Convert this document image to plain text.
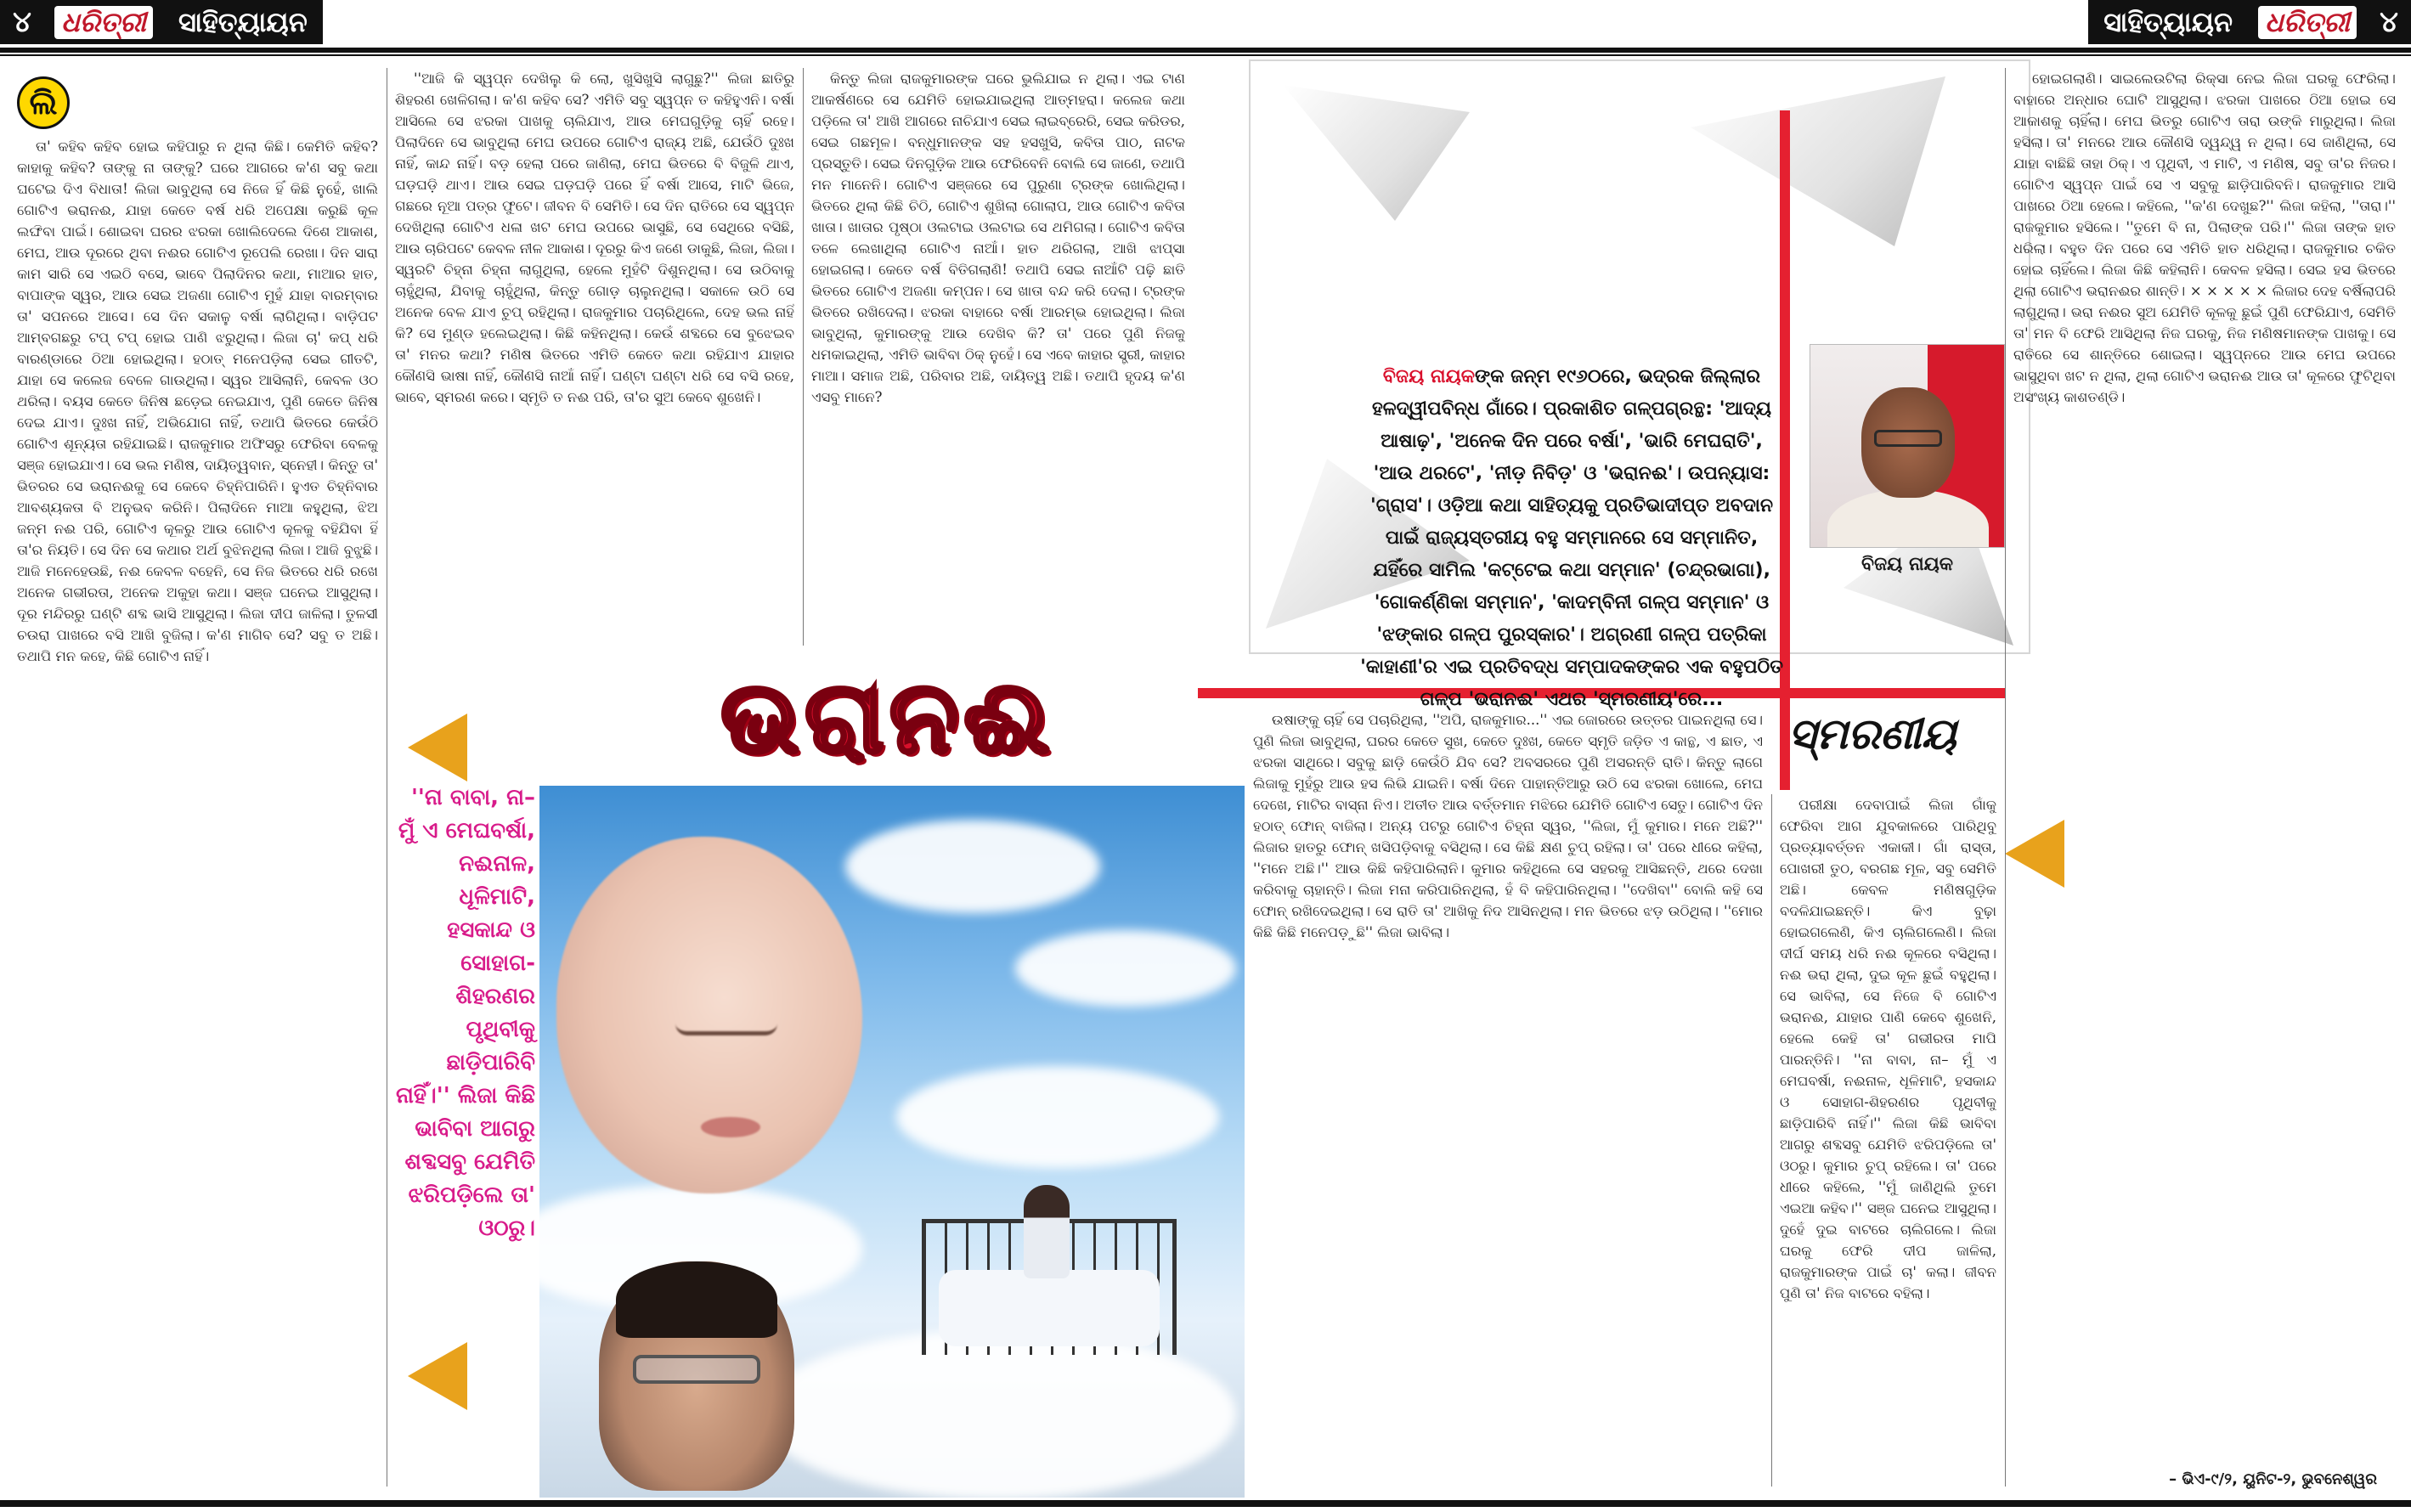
୪	ଧରିତ୍ରୀ	ସାହିତ୍ୟାୟନ	ସାହିତ୍ୟାୟନ	ଧରିତ୍ରୀ	୪
ଲି

ତା' କହିବ କହିବ ହୋଇ କହିପାରୁ ନ ଥିଲା କିଛି। କେମିତି କହିବ? କାହାକୁ କହିବ? ତାଙ୍କୁ ନା ତାଙ୍କୁ? ଘରେ ଆଗରେ କ'ଣ ସବୁ କଥା ଘଟେଇ ଦିଏ ବିଧାତା! ଲିଜା ଭାବୁଥିଲା ସେ ନିଜେ ହିଁ କିଛି ନୁହେଁ, ଖାଲି ଗୋଟିଏ ଭରାନଈ, ଯାହା କେତେ ବର୍ଷ ଧରି ଅପେକ୍ଷା କରୁଛି କୂଳ ଲଙ୍ଘିବା ପାଇଁ। ଶୋଇବା ଘରର ଝରକା ଖୋଲିଦେଲେ ଦିଶେ ଆକାଶ, ମେଘ, ଆଉ ଦୂରରେ ଥିବା ନଈର ଗୋଟିଏ ରୂପେଲି ରେଖା। ଦିନ ସାରା କାମ ସାରି ସେ ଏଇଠି ବସେ, ଭାବେ ପିଲାଦିନର କଥା, ମାଆର ହାତ, ବାପାଙ୍କ ସ୍ୱର, ଆଉ ସେଇ ଅଜଣା ଗୋଟିଏ ମୁହଁ ଯାହା ବାରମ୍ବାର ତା' ସପନରେ ଆସେ। ସେ ଦିନ ସକାଳୁ ବର୍ଷା ଲାଗିଥିଲା। ବାଡ଼ିପଟ ଆମ୍ବଗଛରୁ ଟପ୍ ଟପ୍ ହୋଇ ପାଣି ଝରୁଥିଲା। ଲିଜା ଚା' କପ୍ ଧରି ବାରଣ୍ଡାରେ ଠିଆ ହୋଇଥିଲା। ହଠାତ୍ ମନେପଡ଼ିଲା ସେଇ ଗୀତଟି, ଯାହା ସେ କଲେଜ ବେଳେ ଗାଉଥିଲା। ସ୍ୱର ଆସିଲାନି, କେବଳ ଓଠ ଥରିଲା। ବୟସ କେତେ ଜିନିଷ ଛଡ଼େଇ ନେଇଯାଏ, ପୁଣି କେତେ ଜିନିଷ ଦେଇ ଯାଏ। ଦୁଃଖ ନାହିଁ, ଅଭିଯୋଗ ନାହିଁ, ତଥାପି ଭିତରେ କେଉଁଠି ଗୋଟିଏ ଶୂନ୍ୟତା ରହିଯାଇଛି। ରାଜକୁମାର ଅଫିସରୁ ଫେରିବା ବେଳକୁ ସଞ୍ଜ ହୋଇଯାଏ। ସେ ଭଲ ମଣିଷ, ଦାୟିତ୍ୱବାନ, ସ୍ନେହୀ। କିନ୍ତୁ ତା' ଭିତରର ସେ ଭରାନଈକୁ ସେ କେବେ ଚିହ୍ନିପାରିନି। ହୁଏତ ଚିହ୍ନିବାର ଆବଶ୍ୟକତା ବି ଅନୁଭବ କରିନି। ପିଲାଦିନେ ମାଆ କହୁଥିଲା, ଝିଅ ଜନ୍ମ ନଈ ପରି, ଗୋଟିଏ କୂଳରୁ ଆଉ ଗୋଟିଏ କୂଳକୁ ବହିଯିବା ହିଁ ତା'ର ନିୟତି। ସେ ଦିନ ସେ କଥାର ଅର୍ଥ ବୁଝିନଥିଲା ଲିଜା। ଆଜି ବୁଝୁଛି। ଆଜି ମନେହେଉଛି, ନଈ କେବଳ ବହେନି, ସେ ନିଜ ଭିତରେ ଧରି ରଖେ ଅନେକ ଗଭୀରତା, ଅନେକ ଅକୁହା କଥା। ସଞ୍ଜ ଘନେଇ ଆସୁଥିଲା। ଦୂର ମନ୍ଦିରରୁ ଘଣ୍ଟି ଶବ୍ଦ ଭାସି ଆସୁଥିଲା। ଲିଜା ଦୀପ ଜାଳିଲା। ତୁଳସୀ ଚଉରା ପାଖରେ ବସି ଆଖି ବୁଜିଲା। କ'ଣ ମାଗିବ ସେ? ସବୁ ତ ଅଛି। ତଥାପି ମନ କହେ, କିଛି ଗୋଟିଏ ନାହିଁ।

''ଆଜି କି ସ୍ୱପ୍ନ ଦେଖିଲୁ କି ଲୋ, ଖୁସିଖୁସି ଲାଗୁଛୁ?'' ଲିଜା ଛାତିରୁ ଶିହରଣ ଖେଳିଗଲା। କ'ଣ କହିବ ସେ? ଏମିତି ସବୁ ସ୍ୱପ୍ନ ତ କହିହୁଏନି। ବର୍ଷା ଆସିଲେ ସେ ଝରକା ପାଖକୁ ଚାଲିଯାଏ, ଆଉ ମେଘଗୁଡ଼ିକୁ ଚାହିଁ ରହେ। ପିଲାଦିନେ ସେ ଭାବୁଥିଲା ମେଘ ଉପରେ ଗୋଟିଏ ରାଜ୍ୟ ଅଛି, ଯେଉଁଠି ଦୁଃଖ ନାହିଁ, କାନ୍ଦ ନାହିଁ। ବଡ଼ ହେଲା ପରେ ଜାଣିଲା, ମେଘ ଭିତରେ ବି ବିଜୁଳି ଥାଏ, ଘଡ଼ଘଡ଼ି ଥାଏ। ଆଉ ସେଇ ଘଡ଼ଘଡ଼ି ପରେ ହିଁ ବର୍ଷା ଆସେ, ମାଟି ଭିଜେ, ଗଛରେ ନୂଆ ପତ୍ର ଫୁଟେ। ଜୀବନ ବି ସେମିତି। ସେ ଦିନ ରାତିରେ ସେ ସ୍ୱପ୍ନ ଦେଖିଥିଲା ଗୋଟିଏ ଧଳା ଖଟ ମେଘ ଉପରେ ଭାସୁଛି, ସେ ସେଥିରେ ବସିଛି, ଆଉ ଚାରିପଟେ କେବଳ ନୀଳ ଆକାଶ। ଦୂରରୁ କିଏ ଜଣେ ଡାକୁଛି, ଲିଜା, ଲିଜା। ସ୍ୱରଟି ଚିହ୍ନା ଚିହ୍ନା ଲାଗୁଥିଲା, ହେଲେ ମୁହଁଟି ଦିଶୁନଥିଲା। ସେ ଉଠିବାକୁ ଚାହୁଁଥିଲା, ଯିବାକୁ ଚାହୁଁଥିଲା, କିନ୍ତୁ ଗୋଡ଼ ଚାଲୁନଥିଲା। ସକାଳେ ଉଠି ସେ ଅନେକ ବେଳ ଯାଏ ଚୁପ୍ ରହିଥିଲା। ରାଜକୁମାର ପଚାରିଥିଲେ, ଦେହ ଭଲ ନାହିଁ କି? ସେ ମୁଣ୍ଡ ହଲେଇଥିଲା। କିଛି କହିନଥିଲା। କେଉଁ ଶବ୍ଦରେ ସେ ବୁଝେଇବ ତା' ମନର କଥା? ମଣିଷ ଭିତରେ ଏମିତି କେତେ କଥା ରହିଯାଏ ଯାହାର କୌଣସି ଭାଷା ନାହିଁ, କୌଣସି ନାଆଁ ନାହିଁ। ଘଣ୍ଟା ଘଣ୍ଟା ଧରି ସେ ବସି ରହେ, ଭାବେ, ସ୍ମରଣ କରେ। ସ୍ମୃତି ତ ନଈ ପରି, ତା'ର ସୁଅ କେବେ ଶୁଖେନି।

କିନ୍ତୁ ଲିଜା ରାଜକୁମାରଙ୍କ ଘରେ ଭୁଲିଯାଇ ନ ଥିଲା। ଏଇ ଟାଣ ଆକର୍ଷଣରେ ସେ ଯେମିତି ହୋଇଯାଇଥିଲା ଆତ୍ମହରା। କଲେଜ କଥା ପଡ଼ିଲେ ତା' ଆଖି ଆଗରେ ନାଚିଯାଏ ସେଇ ଲାଇବ୍ରେରି, ସେଇ କରିଡର, ସେଇ ଗଛମୂଳ। ବନ୍ଧୁମାନଙ୍କ ସହ ହସଖୁସି, କବିତା ପାଠ, ନାଟକ ପ୍ରସ୍ତୁତି। ସେଇ ଦିନଗୁଡ଼ିକ ଆଉ ଫେରିବେନି ବୋଲି ସେ ଜାଣେ, ତଥାପି ମନ ମାନେନି। ଗୋଟିଏ ସଞ୍ଜରେ ସେ ପୁରୁଣା ଟ୍ରଙ୍କ ଖୋଲିଥିଲା। ଭିତରେ ଥିଲା କିଛି ଚିଠି, ଗୋଟିଏ ଶୁଖିଲା ଗୋଲାପ, ଆଉ ଗୋଟିଏ କବିତା ଖାତା। ଖାତାର ପୃଷ୍ଠା ଓଲଟାଇ ଓଲଟାଇ ସେ ଥମିଗଲା। ଗୋଟିଏ କବିତା ତଳେ ଲେଖାଥିଲା ଗୋଟିଏ ନାଆଁ। ହାତ ଥରିଗଲା, ଆଖି ଝାପ୍ସା ହୋଇଗଲା। କେତେ ବର୍ଷ ବିତିଗଲାଣି! ତଥାପି ସେଇ ନାଆଁଟି ପଢ଼ି ଛାତି ଭିତରେ ଗୋଟିଏ ଅଜଣା କମ୍ପନ। ସେ ଖାତା ବନ୍ଦ କରି ଦେଲା। ଟ୍ରଙ୍କ ଭିତରେ ରଖିଦେଲା। ଝରକା ବାହାରେ ବର୍ଷା ଆରମ୍ଭ ହୋଇଥିଲା। ଲିଜା ଭାବୁଥିଲା, କୁମାରଙ୍କୁ ଆଉ ଦେଖିବ କି? ତା' ପରେ ପୁଣି ନିଜକୁ ଧମକାଇଥିଲା, ଏମିତି ଭାବିବା ଠିକ୍ ନୁହେଁ। ସେ ଏବେ କାହାର ସ୍ତ୍ରୀ, କାହାର ମାଆ। ସମାଜ ଅଛି, ପରିବାର ଅଛି, ଦାୟିତ୍ୱ ଅଛି। ତଥାପି ହୃଦୟ କ'ଣ ଏସବୁ ମାନେ?

ଭରାନଈ
''ନା ବାବା, ନା– ମୁଁ ଏ ମେଘବର୍ଷା, ନଈନାଳ, ଧୂଳିମାଟି, ହସକାନ୍ଦ ଓ ସୋହାଗ-ଶିହରଣର ପୃଥିବୀକୁ ଛାଡ଼ିପାରିବି ନାହିଁ।'' ଲିଜା କିଛି ଭାବିବା ଆଗରୁ ଶବ୍ଦସବୁ ଯେମିତି ଝରିପଡ଼ିଲେ ତା' ଓଠରୁ।

ଉଷାଙ୍କୁ ଚାହିଁ ସେ ପଚାରିଥିଲା, ''ଅପି, ରାଜକୁମାର...'' ଏଇ ଜୋରରେ ଉତ୍ତର ପାଇନଥିଲା ସେ। ପୁଣି ଲିଜା ଭାବୁଥିଲା, ଘରର କେତେ ସୁଖ, କେତେ ଦୁଃଖ, କେତେ ସ୍ମୃତି ଜଡ଼ିତ ଏ କାନ୍ଥ, ଏ ଛାତ, ଏ ଝରକା ସାଥିରେ। ସବୁକୁ ଛାଡ଼ି କେଉଁଠି ଯିବ ସେ? ଅବସରରେ ପୁଣି ଅସରନ୍ତି ରାତି। କିନ୍ତୁ ଲାଗେ ଲିଜାକୁ ମୁହଁରୁ ଆଉ ହସ ଲିଭି ଯାଇନି। ବର୍ଷା ଦିନେ ପାହାନ୍ତିଆରୁ ଉଠି ସେ ଝରକା ଖୋଲେ, ମେଘ ଦେଖେ, ମାଟିର ବାସ୍ନା ନିଏ। ଅତୀତ ଆଉ ବର୍ତ୍ତମାନ ମଝିରେ ଯେମିତି ଗୋଟିଏ ସେତୁ। ଗୋଟିଏ ଦିନ ହଠାତ୍ ଫୋନ୍ ବାଜିଲା। ଅନ୍ୟ ପଟରୁ ଗୋଟିଏ ଚିହ୍ନା ସ୍ୱର, ''ଲିଜା, ମୁଁ କୁମାର। ମନେ ଅଛି?'' ଲିଜାର ହାତରୁ ଫୋନ୍ ଖସିପଡ଼ିବାକୁ ବସିଥିଲା। ସେ କିଛି କ୍ଷଣ ଚୁପ୍ ରହିଲା। ତା' ପରେ ଧୀରେ କହିଲା, ''ମନେ ଅଛି।'' ଆଉ କିଛି କହିପାରିଲାନି। କୁମାର କହିଥିଲେ ସେ ସହରକୁ ଆସିଛନ୍ତି, ଥରେ ଦେଖା କରିବାକୁ ଚାହାନ୍ତି। ଲିଜା ମନା କରିପାରିନଥିଲା, ହଁ ବି କହିପାରିନଥିଲା। ''ଦେଖିବା'' ବୋଲି କହି ସେ ଫୋନ୍ ରଖିଦେଇଥିଲା। ସେ ରାତି ତା' ଆଖିକୁ ନିଦ ଆସିନଥିଲା। ମନ ଭିତରେ ଝଡ଼ ଉଠିଥିଲା। ''ମୋର କିଛି କିଛି ମନେପଡ଼ୁଛି'' ଲିଜା ଭାବିଲା।

ପରୀକ୍ଷା ଦେବାପାଇଁ ଲିଜା ଗାଁକୁ ଫେରିବା ଆଗ ଯୁବକାଳରେ ପାରିଥିବୁ ପ୍ରତ୍ୟାବର୍ତ୍ତନ ଏକାକୀ। ଗାଁ ରାସ୍ତା, ପୋଖରୀ ତୁଠ, ବରଗଛ ମୂଳ, ସବୁ ସେମିତି ଅଛି। କେବଳ ମଣିଷଗୁଡ଼ିକ ବଦଳିଯାଇଛନ୍ତି। କିଏ ବୁଢ଼ା ହୋଇଗଲେଣି, କିଏ ଚାଲିଗଲେଣି। ଲିଜା ଦୀର୍ଘ ସମୟ ଧରି ନଈ କୂଳରେ ବସିଥିଲା। ନଈ ଭରା ଥିଲା, ଦୁଇ କୂଳ ଛୁଇଁ ବହୁଥିଲା। ସେ ଭାବିଲା, ସେ ନିଜେ ବି ଗୋଟିଏ ଭରାନଈ, ଯାହାର ପାଣି କେବେ ଶୁଖେନି, ହେଲେ କେହି ତା' ଗଭୀରତା ମାପି ପାରନ୍ତିନି। ''ନା ବାବା, ନା– ମୁଁ ଏ ମେଘବର୍ଷା, ନଈନାଳ, ଧୂଳିମାଟି, ହସକାନ୍ଦ ଓ ସୋହାଗ-ଶିହରଣର ପୃଥିବୀକୁ ଛାଡ଼ିପାରିବି ନାହିଁ।'' ଲିଜା କିଛି ଭାବିବା ଆଗରୁ ଶବ୍ଦସବୁ ଯେମିତି ଝରିପଡ଼ିଲେ ତା' ଓଠରୁ। କୁମାର ଚୁପ୍ ରହିଲେ। ତା' ପରେ ଧୀରେ କହିଲେ, ''ମୁଁ ଜାଣିଥିଲି ତୁମେ ଏଇଆ କହିବ।'' ସଞ୍ଜ ଘନେଇ ଆସୁଥିଲା। ଦୁହେଁ ଦୁଇ ବାଟରେ ଚାଲିଗଲେ। ଲିଜା ଘରକୁ ଫେରି ଦୀପ ଜାଳିଲା, ରାଜକୁମାରଙ୍କ ପାଇଁ ଚା' କଲା। ଜୀବନ ପୁଣି ତା' ନିଜ ବାଟରେ ବହିଲା।

ବିଜୟ ନାୟକଙ୍କ ଜନ୍ମ ୧୯୬୦ରେ, ଭଦ୍ରକ ଜିଲ୍ଲାର ହଳଦ୍ୱୀପବିନ୍ଧ ଗାଁରେ। ପ୍ରକାଶିତ ଗଳ୍ପଗ୍ରନ୍ଥ: 'ଆଦ୍ୟ ଆଷାଢ଼', 'ଅନେକ ଦିନ ପରେ ବର୍ଷା', 'ଭାରି ମେଘରାତି', 'ଆଉ ଥରଟେ', 'ନୀଡ଼ ନିବିଡ଼' ଓ 'ଭରାନଈ'। ଉପନ୍ୟାସ: 'ଗ୍ରାସ'। ଓଡ଼ିଆ କଥା ସାହିତ୍ୟକୁ ପ୍ରତିଭାଦୀପ୍ତ ଅବଦାନ ପାଇଁ ରାଜ୍ୟସ୍ତରୀୟ ବହୁ ସମ୍ମାନରେ ସେ ସମ୍ମାନିତ, ଯହିଁରେ ସାମିଲ 'କଟ୍ଟେଇ କଥା ସମ୍ମାନ' (ଚନ୍ଦ୍ରଭାଗା), 'ଗୋକର୍ଣ୍ଣିକା ସମ୍ମାନ', 'କାଦମ୍ବିନୀ ଗଳ୍ପ ସମ୍ମାନ' ଓ 'ଝଙ୍କାର ଗଳ୍ପ ପୁରସ୍କାର'। ଅଗ୍ରଣୀ ଗଳ୍ପ ପତ୍ରିକା 'କାହାଣୀ'ର ଏଇ ପ୍ରତିବଦ୍ଧ ସମ୍ପାଦକଙ୍କର ଏକ ବହୁପଠିତ ଗଳ୍ପ 'ଭରାନଈ' ଏଥର 'ସ୍ମରଣୀୟ'ରେ...
ବିଜୟ ନାୟକ
ସ୍ମରଣୀୟ

ହୋଇଗଲାଣି। ସାଇଲେଉଟିଲା ରିକ୍ସା ନେଇ ଲିଜା ଘରକୁ ଫେରିଲା। ବାହାରେ ଅନ୍ଧାର ଘୋଟି ଆସୁଥିଲା। ଝରକା ପାଖରେ ଠିଆ ହୋଇ ସେ ଆକାଶକୁ ଚାହିଁଲା। ମେଘ ଭିତରୁ ଗୋଟିଏ ତାରା ଉଙ୍କି ମାରୁଥିଲା। ଲିଜା ହସିଲା। ତା' ମନରେ ଆଉ କୌଣସି ଦ୍ୱନ୍ଦ୍ୱ ନ ଥିଲା। ସେ ଜାଣିଥିଲା, ସେ ଯାହା ବାଛିଛି ତାହା ଠିକ୍। ଏ ପୃଥିବୀ, ଏ ମାଟି, ଏ ମଣିଷ, ସବୁ ତା'ର ନିଜର। ଗୋଟିଏ ସ୍ୱପ୍ନ ପାଇଁ ସେ ଏ ସବୁକୁ ଛାଡ଼ିପାରିବନି। ରାଜକୁମାର ଆସି ପାଖରେ ଠିଆ ହେଲେ। କହିଲେ, ''କ'ଣ ଦେଖୁଛ?'' ଲିଜା କହିଲା, ''ତାରା।'' ରାଜକୁମାର ହସିଲେ। ''ତୁମେ ବି ନା, ପିଲାଙ୍କ ପରି।'' ଲିଜା ତାଙ୍କ ହାତ ଧରିଲା। ବହୁତ ଦିନ ପରେ ସେ ଏମିତି ହାତ ଧରିଥିଲା। ରାଜକୁମାର ଚକିତ ହୋଇ ଚାହିଁଲେ। ଲିଜା କିଛି କହିଲାନି। କେବଳ ହସିଲା। ସେଇ ହସ ଭିତରେ ଥିଲା ଗୋଟିଏ ଭରାନଈର ଶାନ୍ତି। × × × × × ଲିଜାର ଦେହ ବର୍ଷିଲାପରି ଲାଗୁଥିଲା। ଭରା ନଈର ସୁଅ ଯେମିତି କୂଳକୁ ଛୁଇଁ ପୁଣି ଫେରିଯାଏ, ସେମିତି ତା' ମନ ବି ଫେରି ଆସିଥିଲା ନିଜ ଘରକୁ, ନିଜ ମଣିଷମାନଙ୍କ ପାଖକୁ। ସେ ରାତିରେ ସେ ଶାନ୍ତିରେ ଶୋଇଲା। ସ୍ୱପ୍ନରେ ଆଉ ମେଘ ଉପରେ ଭାସୁଥିବା ଖଟ ନ ଥିଲା, ଥିଲା ଗୋଟିଏ ଭରାନଈ ଆଉ ତା' କୂଳରେ ଫୁଟିଥିବା ଅସଂଖ୍ୟ କାଶତଣ୍ଡି।

– ଭିଏ-୯/୨, ୟୁନିଟ-୨, ଭୁବନେଶ୍ୱର
